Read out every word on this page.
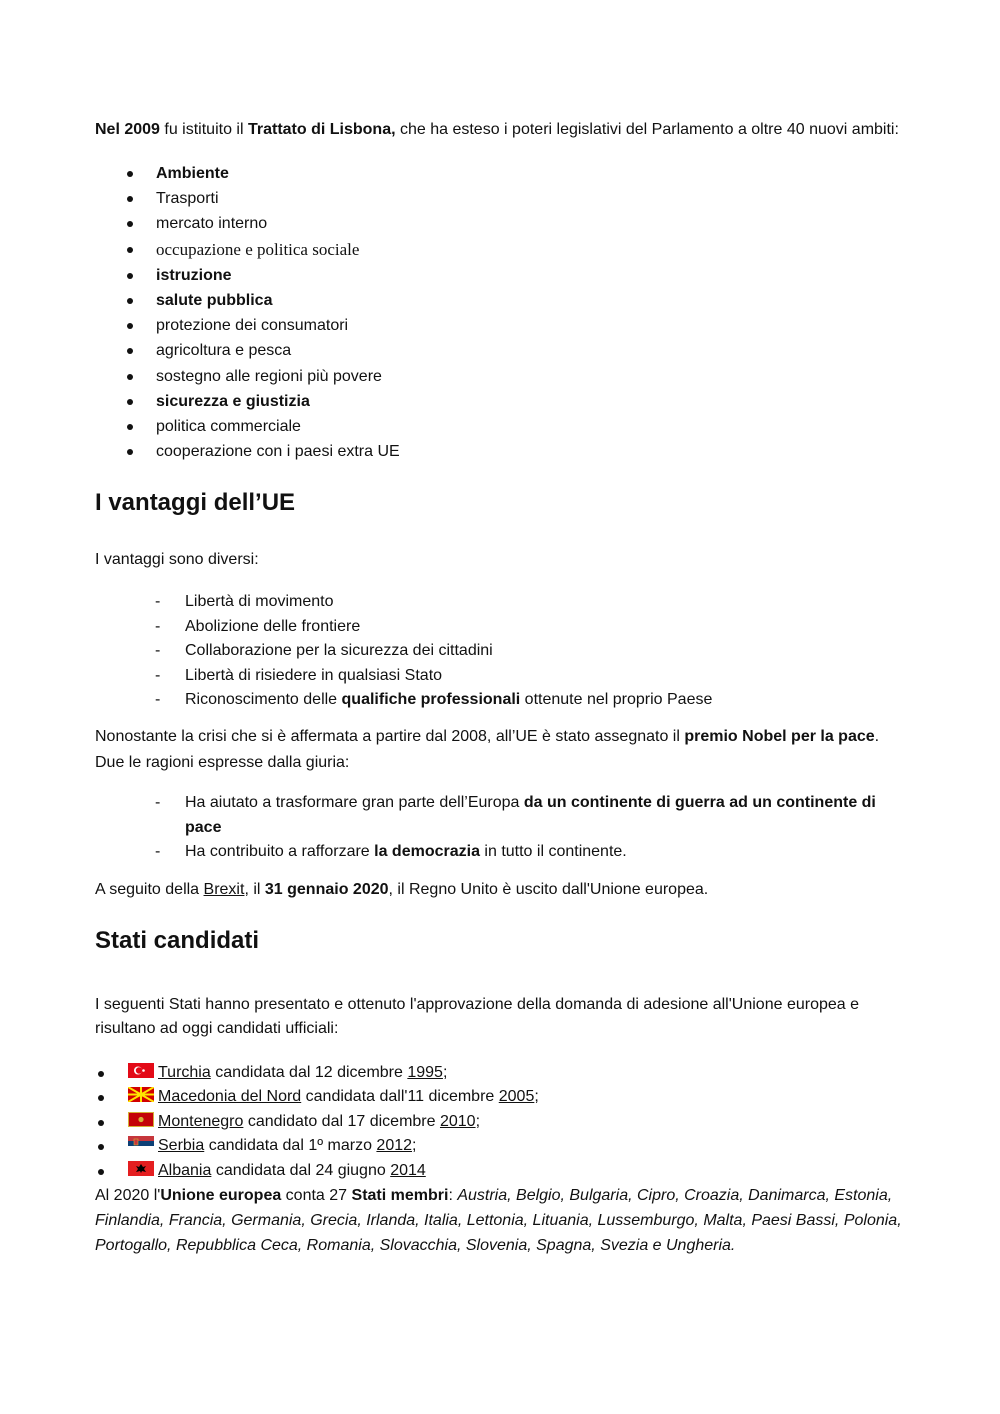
Nel 2009 fu istituito il Trattato di Lisbona, che ha esteso i poteri legislativi del Parlamento a oltre 40 nuovi ambiti:

Ambiente
Trasporti
mercato interno
occupazione e politica sociale
istruzione
salute pubblica
protezione dei consumatori
agricoltura e pesca
sostegno alle regioni più povere
sicurezza e giustizia
politica commerciale
cooperazione con i paesi extra UE
I vantaggi dell’UE

I vantaggi sono diversi:

- Libertà di movimento
- Abolizione delle frontiere
- Collaborazione per la sicurezza dei cittadini
- Libertà di risiedere in qualsiasi Stato
- Riconoscimento delle qualifiche professionali ottenute nel proprio Paese

Nonostante la crisi che si è affermata a partire dal 2008, all’UE è stato assegnato il premio Nobel per la pace. Due le ragioni espresse dalla giuria:

- Ha aiutato a trasformare gran parte dell’Europa da un continente di guerra ad un continente di pace
- Ha contribuito a rafforzare la democrazia in tutto il continente.

A seguito della Brexit, il 31 gennaio 2020, il Regno Unito è uscito dall'Unione europea.

Stati candidati

I seguenti Stati hanno presentato e ottenuto l'approvazione della domanda di adesione all'Unione europea e risultano ad oggi candidati ufficiali:

Turchia candidata dal 12 dicembre 1995;
Macedonia del Nord candidata dall'11 dicembre 2005;
Montenegro candidato dal 17 dicembre 2010;
Serbia candidata dal 1º marzo 2012;
Albania candidata dal 24 giugno 2014

Al 2020 l'Unione europea conta 27 Stati membri: Austria, Belgio, Bulgaria, Cipro, Croazia, Danimarca, Estonia, Finlandia, Francia, Germania, Grecia, Irlanda, Italia, Lettonia, Lituania, Lussemburgo, Malta, Paesi Bassi, Polonia, Portogallo, Repubblica Ceca, Romania, Slovacchia, Slovenia, Spagna, Svezia e Ungheria.
